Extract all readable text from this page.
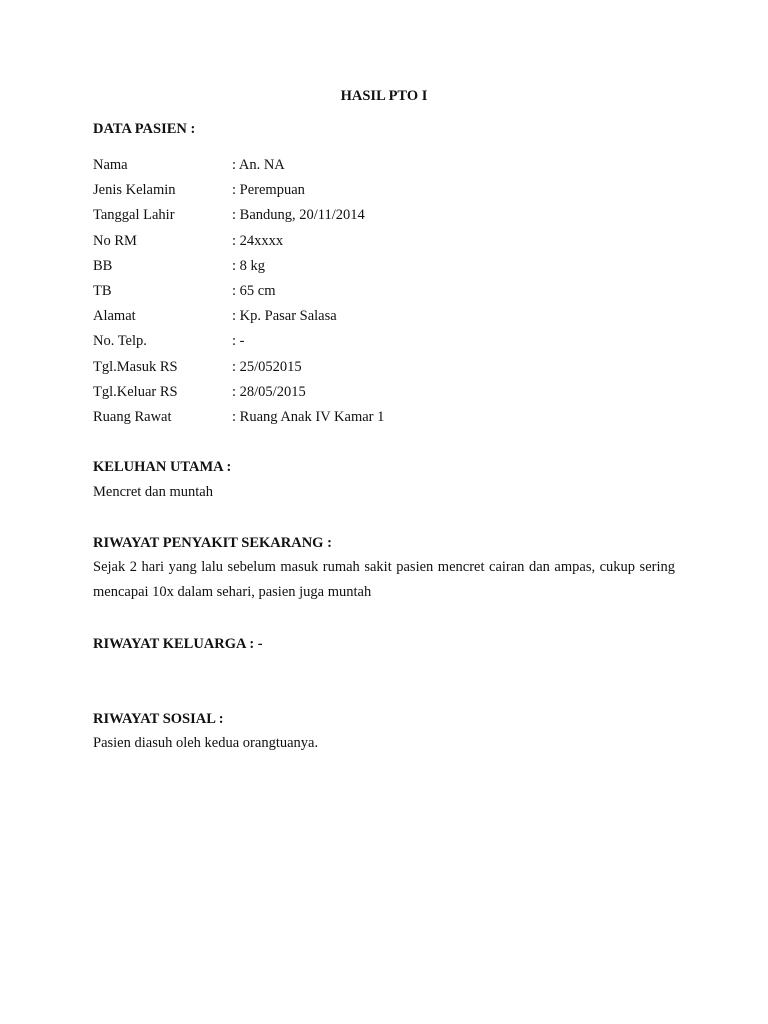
HASIL PTO I
DATA PASIEN :
Nama	: An. NA
Jenis Kelamin	: Perempuan
Tanggal Lahir	: Bandung, 20/11/2014
No RM	: 24xxxx
BB	: 8 kg
TB	: 65 cm
Alamat	: Kp. Pasar Salasa
No. Telp.	: -
Tgl.Masuk RS	: 25/052015
Tgl.Keluar RS	: 28/05/2015
Ruang Rawat	: Ruang Anak IV Kamar 1
KELUHAN UTAMA :
Mencret dan muntah
RIWAYAT PENYAKIT SEKARANG :
Sejak 2 hari yang lalu sebelum masuk rumah sakit pasien mencret cairan dan ampas, cukup sering mencapai 10x dalam sehari, pasien juga muntah
RIWAYAT KELUARGA : -
RIWAYAT SOSIAL :
Pasien diasuh oleh kedua orangtuanya.
